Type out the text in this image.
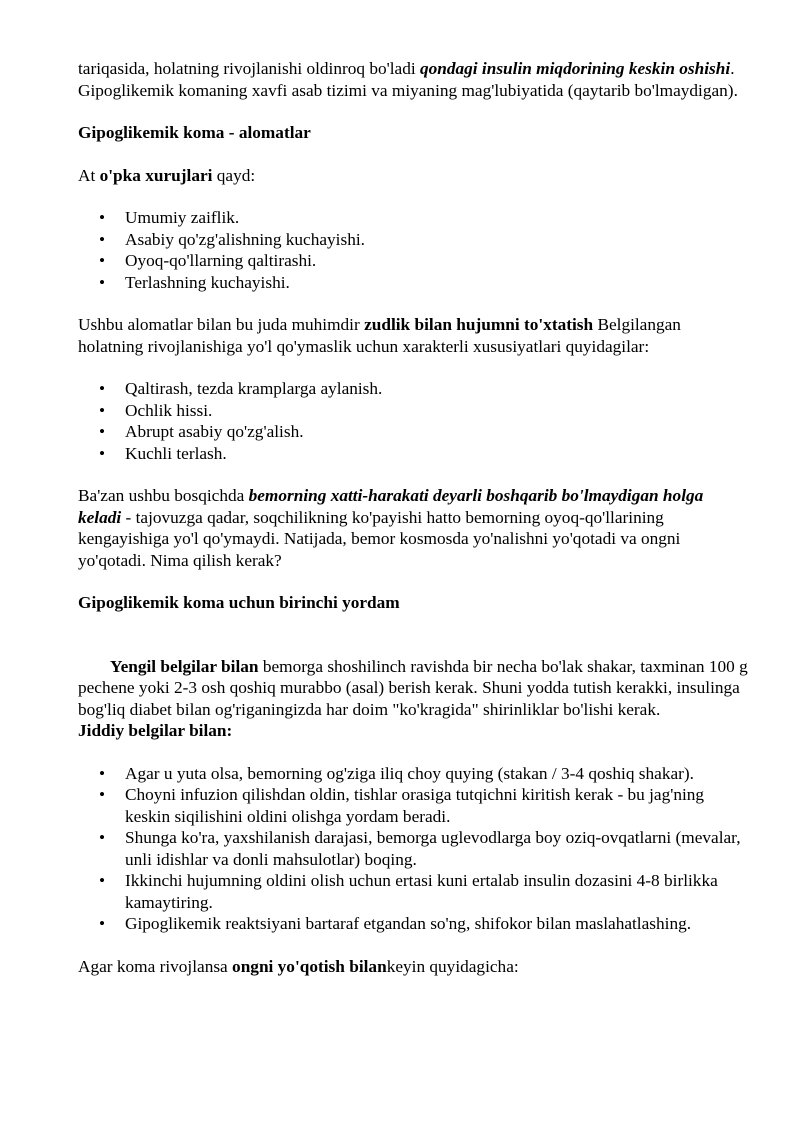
tariqasida, holatning rivojlanishi oldinroq bo'ladi qondagi insulin miqdorining keskin oshishi. Gipoglikemik komaning xavfi asab tizimi va miyaning mag'lubiyatida (qaytarib bo'lmaydigan).

Gipoglikemik koma - alomatlar

At o'pka xurujlari qayd:

• Umumiy zaiflik.
• Asabiy qo'zg'alishning kuchayishi.
• Oyoq-qo'llarning qaltirashi.
• Terlashning kuchayishi.

Ushbu alomatlar bilan bu juda muhimdir zudlik bilan hujumni to'xtatish Belgilangan holatning rivojlanishiga yo'l qo'ymaslik uchun xarakterli xususiyatlari quyidagilar:

• Qaltirash, tezda kramplarga aylanish.
• Ochlik hissi.
• Abrupt asabiy qo'zg'alish.
• Kuchli terlash.

Ba'zan ushbu bosqichda bemorning xatti-harakati deyarli boshqarib bo'lmaydigan holga keladi - tajovuzga qadar, soqchilikning ko'payishi hatto bemorning oyoq-qo'llarining kengayishiga yo'l qo'ymaydi. Natijada, bemor kosmosda yo'nalishni yo'qotadi va ongni yo'qotadi. Nima qilish kerak?

Gipoglikemik koma uchun birinchi yordam

Yengil belgilar bilan bemorga shoshilinch ravishda bir necha bo'lak shakar, taxminan 100 g pechene yoki 2-3 osh qoshiq murabbo (asal) berish kerak. Shuni yodda tutish kerakki, insulinga bog'liq diabet bilan og'riganingizda har doim "ko'kragida" shirinliklar bo'lishi kerak.

Jiddiy belgilar bilan:

• Agar u yuta olsa, bemorning og'ziga iliq choy quying (stakan / 3-4 qoshiq shakar).
• Choyni infuzion qilishdan oldin, tishlar orasiga tutqichni kiritish kerak - bu jag'ning keskin siqilishini oldini olishga yordam beradi.
• Shunga ko'ra, yaxshilanish darajasi, bemorga uglevodlarga boy oziq-ovqatlarni (mevalar, unli idishlar va donli mahsulotlar) boqing.
• Ikkinchi hujumning oldini olish uchun ertasi kuni ertalab insulin dozasini 4-8 birlikka kamaytiring.
• Gipoglikemik reaktsiyani bartaraf etgandan so'ng, shifokor bilan maslahatlashing.

Agar koma rivojlansa ongni yo'qotish bilankeyin quyidagicha:
